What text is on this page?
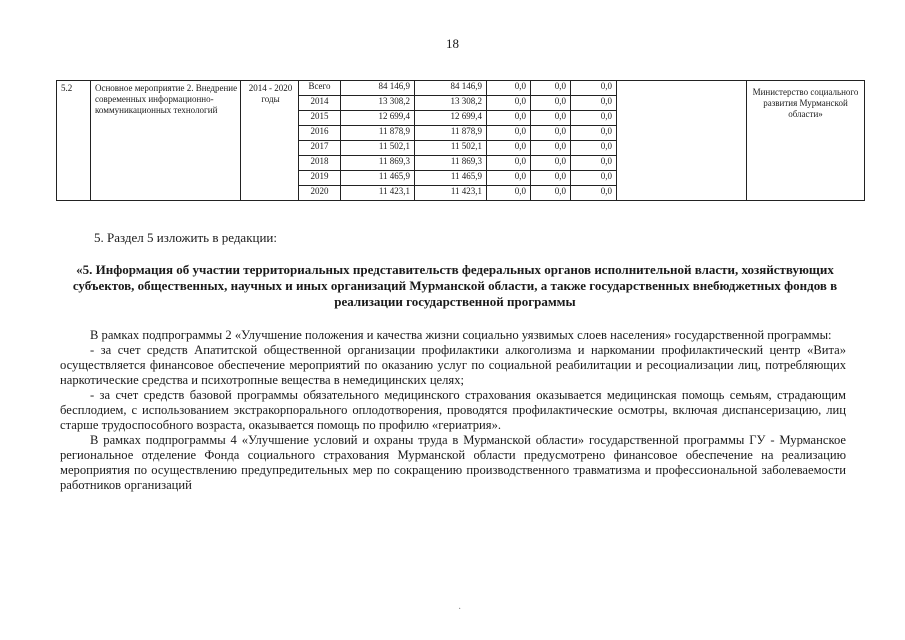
18
5.2	Основное мероприятие 2. Внедрение современных информационно-коммуникационных технологий	2014 - 2020 годы	Всего	84 146,9	84 146,9	0,0	0,0	0,0		Министерство социального развития Мурманской области»
			2014	13 308,2	13 308,2	0,0	0,0	0,0		
			2015	12 699,4	12 699,4	0,0	0,0	0,0		
			2016	11 878,9	11 878,9	0,0	0,0	0,0		
			2017	11 502,1	11 502,1	0,0	0,0	0,0		
			2018	11 869,3	11 869,3	0,0	0,0	0,0		
			2019	11 465,9	11 465,9	0,0	0,0	0,0		
			2020	11 423,1	11 423,1	0,0	0,0	0,0		
5. Раздел 5 изложить в редакции:
«5. Информация об участии территориальных представительств федеральных органов исполнительной власти, хозяйствующих субъектов, общественных, научных и иных организаций Мурманской области, а также государственных внебюджетных фондов в реализации государственной программы

В рамках подпрограммы 2 «Улучшение положения и качества жизни социально уязвимых слоев населения» государственной программы:

- за счет средств Апатитской общественной организации профилактики алкоголизма и наркомании профилактический центр «Вита» осуществляется финансовое обеспечение мероприятий по оказанию услуг по социальной реабилитации и ресоциализации лиц, потребляющих наркотические средства и психотропные вещества в немедицинских целях;

- за счет средств базовой программы обязательного медицинского страхования оказывается медицинская помощь семьям, страдающим бесплодием, с использованием экстракорпорального оплодотворения, проводятся профилактические осмотры, включая диспансеризацию, лиц старше трудоспособного возраста, оказывается помощь по профилю «гериатрия».

В рамках подпрограммы 4 «Улучшение условий и охраны труда в Мурманской области» государственной программы ГУ - Мурманское региональное отделение Фонда социального страхования Мурманской области предусмотрено финансовое обеспечение на реализацию мероприятия по осуществлению предупредительных мер по сокращению производственного травматизма и профессиональной заболеваемости работников организаций

·
